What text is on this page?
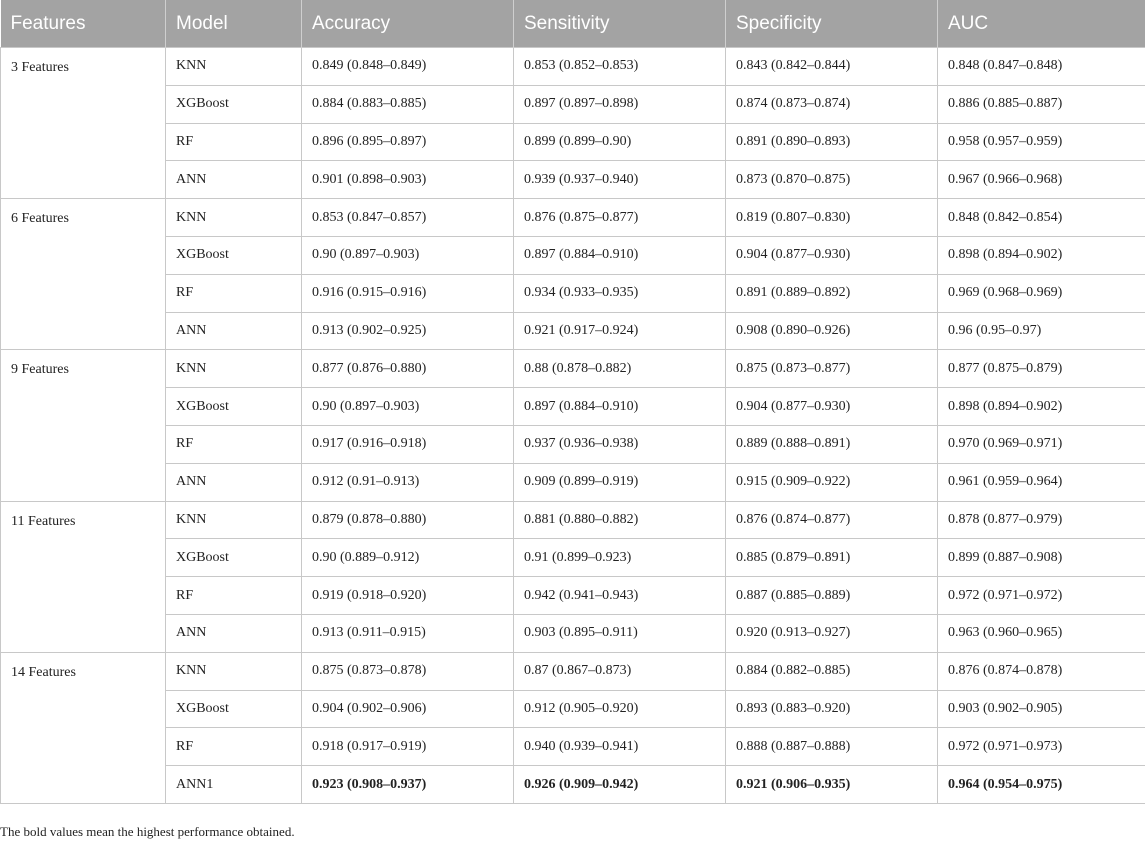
Features	Model	Accuracy	Sensitivity	Specificity	AUC
3 Features	KNN	0.849 (0.848–0.849)	0.853 (0.852–0.853)	0.843 (0.842–0.844)	0.848 (0.847–0.848)
	XGBoost	0.884 (0.883–0.885)	0.897 (0.897–0.898)	0.874 (0.873–0.874)	0.886 (0.885–0.887)
	RF	0.896 (0.895–0.897)	0.899 (0.899–0.90)	0.891 (0.890–0.893)	0.958 (0.957–0.959)
	ANN	0.901 (0.898–0.903)	0.939 (0.937–0.940)	0.873 (0.870–0.875)	0.967 (0.966–0.968)
6 Features	KNN	0.853 (0.847–0.857)	0.876 (0.875–0.877)	0.819 (0.807–0.830)	0.848 (0.842–0.854)
	XGBoost	0.90 (0.897–0.903)	0.897 (0.884–0.910)	0.904 (0.877–0.930)	0.898 (0.894–0.902)
	RF	0.916 (0.915–0.916)	0.934 (0.933–0.935)	0.891 (0.889–0.892)	0.969 (0.968–0.969)
	ANN	0.913 (0.902–0.925)	0.921 (0.917–0.924)	0.908 (0.890–0.926)	0.96 (0.95–0.97)
9 Features	KNN	0.877 (0.876–0.880)	0.88 (0.878–0.882)	0.875 (0.873–0.877)	0.877 (0.875–0.879)
	XGBoost	0.90 (0.897–0.903)	0.897 (0.884–0.910)	0.904 (0.877–0.930)	0.898 (0.894–0.902)
	RF	0.917 (0.916–0.918)	0.937 (0.936–0.938)	0.889 (0.888–0.891)	0.970 (0.969–0.971)
	ANN	0.912 (0.91–0.913)	0.909 (0.899–0.919)	0.915 (0.909–0.922)	0.961 (0.959–0.964)
11 Features	KNN	0.879 (0.878–0.880)	0.881 (0.880–0.882)	0.876 (0.874–0.877)	0.878 (0.877–0.979)
	XGBoost	0.90 (0.889–0.912)	0.91 (0.899–0.923)	0.885 (0.879–0.891)	0.899 (0.887–0.908)
	RF	0.919 (0.918–0.920)	0.942 (0.941–0.943)	0.887 (0.885–0.889)	0.972 (0.971–0.972)
	ANN	0.913 (0.911–0.915)	0.903 (0.895–0.911)	0.920 (0.913–0.927)	0.963 (0.960–0.965)
14 Features	KNN	0.875 (0.873–0.878)	0.87 (0.867–0.873)	0.884 (0.882–0.885)	0.876 (0.874–0.878)
	XGBoost	0.904 (0.902–0.906)	0.912 (0.905–0.920)	0.893 (0.883–0.920)	0.903 (0.902–0.905)
	RF	0.918 (0.917–0.919)	0.940 (0.939–0.941)	0.888 (0.887–0.888)	0.972 (0.971–0.973)
	ANN1	0.923 (0.908–0.937)	0.926 (0.909–0.942)	0.921 (0.906–0.935)	0.964 (0.954–0.975)
The bold values mean the highest performance obtained.
